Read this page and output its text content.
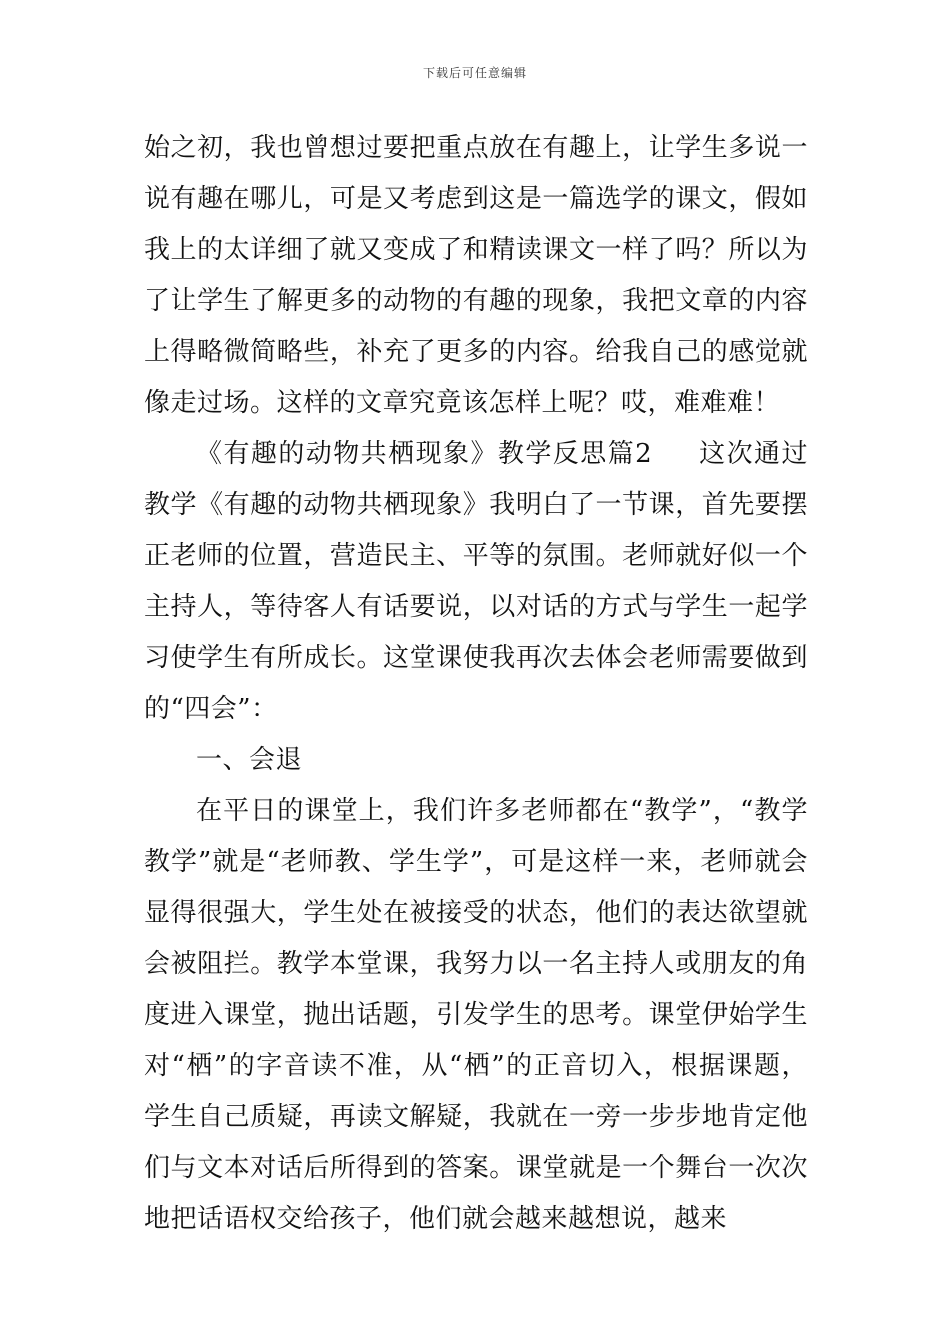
下载后可任意编辑

始之初，我也曾想过要把重点放在有趣上，让学生多说一说有趣在哪儿，可是又考虑到这是一篇选学的课文，假如我上的太详细了就又变成了和精读课文一样了吗？所以为了让学生了解更多的动物的有趣的现象，我把文章的内容上得略微简略些，补充了更多的内容。给我自己的感觉就像走过场。这样的文章究竟该怎样上呢？哎，难难难！

《有趣的动物共栖现象》教学反思篇2 这次通过教学《有趣的动物共栖现象》我明白了一节课，首先要摆正老师的位置，营造民主、平等的氛围。老师就好似一个主持人，等待客人有话要说，以对话的方式与学生一起学习使学生有所成长。这堂课使我再次去体会老师需要做到的“四会”：

一、会退

在平日的课堂上，我们许多老师都在“教学”，“教学教学”就是“老师教、学生学”，可是这样一来，老师就会显得很强大，学生处在被接受的状态，他们的表达欲望就会被阻拦。教学本堂课，我努力以一名主持人或朋友的角度进入课堂，抛出话题，引发学生的思考。课堂伊始学生对“栖”的字音读不准，从“栖”的正音切入，根据课题，学生自己质疑，再读文解疑，我就在一旁一步步地肯定他们与文本对话后所得到的答案。课堂就是一个舞台一次次地把话语权交给孩子，他们就会越来越想说，越来
